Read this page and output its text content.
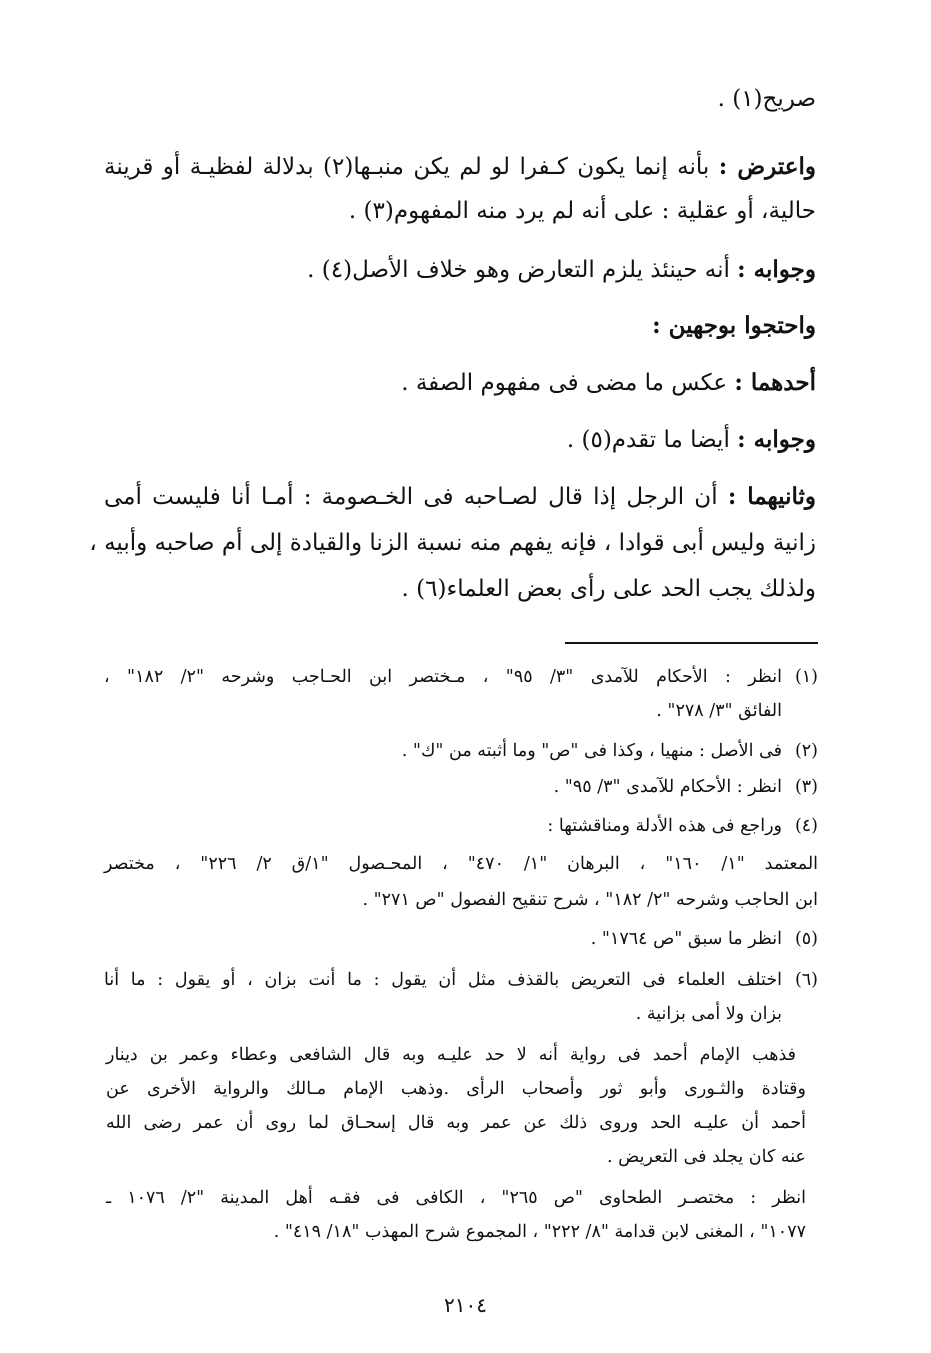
صريح(١) .
واعترض : بأنه إنما يكون كـفرا لو لم يكن منبـها(٢) بدلالة لفظيـة أو قرينة
حالية، أو عقلية : على أنه لم يرد منه المفهوم(٣) .
وجوابه : أنه حينئذ يلزم التعارض وهو خلاف الأصل(٤) .
واحتجوا بوجهين :
أحدهما : عكس ما مضى فى مفهوم الصفة .
وجوابه : أيضا ما تقدم(٥) .
وثانيهما : أن الرجل إذا قال لصـاحبه فى الخـصومة : أمـا أنا فليست أمى
زانية وليس أبى قوادا ، فإنه يفهم منه نسبة الزنا والقيادة إلى أم صاحبه وأبيه ،
ولذلك يجب الحد على رأى بعض العلماء(٦) .
(١)انظر : الأحكام للآمدى "٣/ ٩٥" ، مـختصر ابن الحـاجب وشرحه "٢/ ١٨٢" ،
الفائق "٣/ ٢٧٨" .
(٢)فى الأصل : منهيا ، وكذا فى "ص" وما أثبته من "ك" .
(٣)انظر : الأحكام للآمدى "٣/ ٩٥" .
(٤)وراجع فى هذه الأدلة ومناقشتها :
المعتمد "١/ ١٦٠" ، البرهان "١/ ٤٧٠" ، المحـصول "١/ق ٢/ ٢٢٦" ، مختصر
ابن الحاجب وشرحه "٢/ ١٨٢" ، شرح تنقيح الفصول "ص ٢٧١" .
(٥)انظر ما سبق "ص ١٧٦٤" .
(٦)اختلف العلماء فى التعريض بالقذف مثل أن يقول : ما أنت بزان ، أو يقول : ما أنا
بزان ولا أمى بزانية .
فذهب الإمام أحمد فى رواية أنه لا حد عليـه وبه قال الشافعى وعطاء وعمر بن دينار
وقتادة والثـورى وأبو ثور وأصحاب الرأى .وذهب الإمام مـالك والرواية الأخرى عن
أحمد أن عليـه الحد وروى ذلك عن عمر وبه قال إسحـاق لما روى أن عمر رضى الله
عنه كان يجلد فى التعريض .
انظر : مختصـر الطحاوى "ص ٢٦٥" ، الكافى فى فقـه أهل المدينة "٢/ ١٠٧٦ ـ
١٠٧٧" ، المغنى لابن قدامة "٨/ ٢٢٢" ، المجموع شرح المهذب "١٨/ ٤١٩" .
٢١٠٤
